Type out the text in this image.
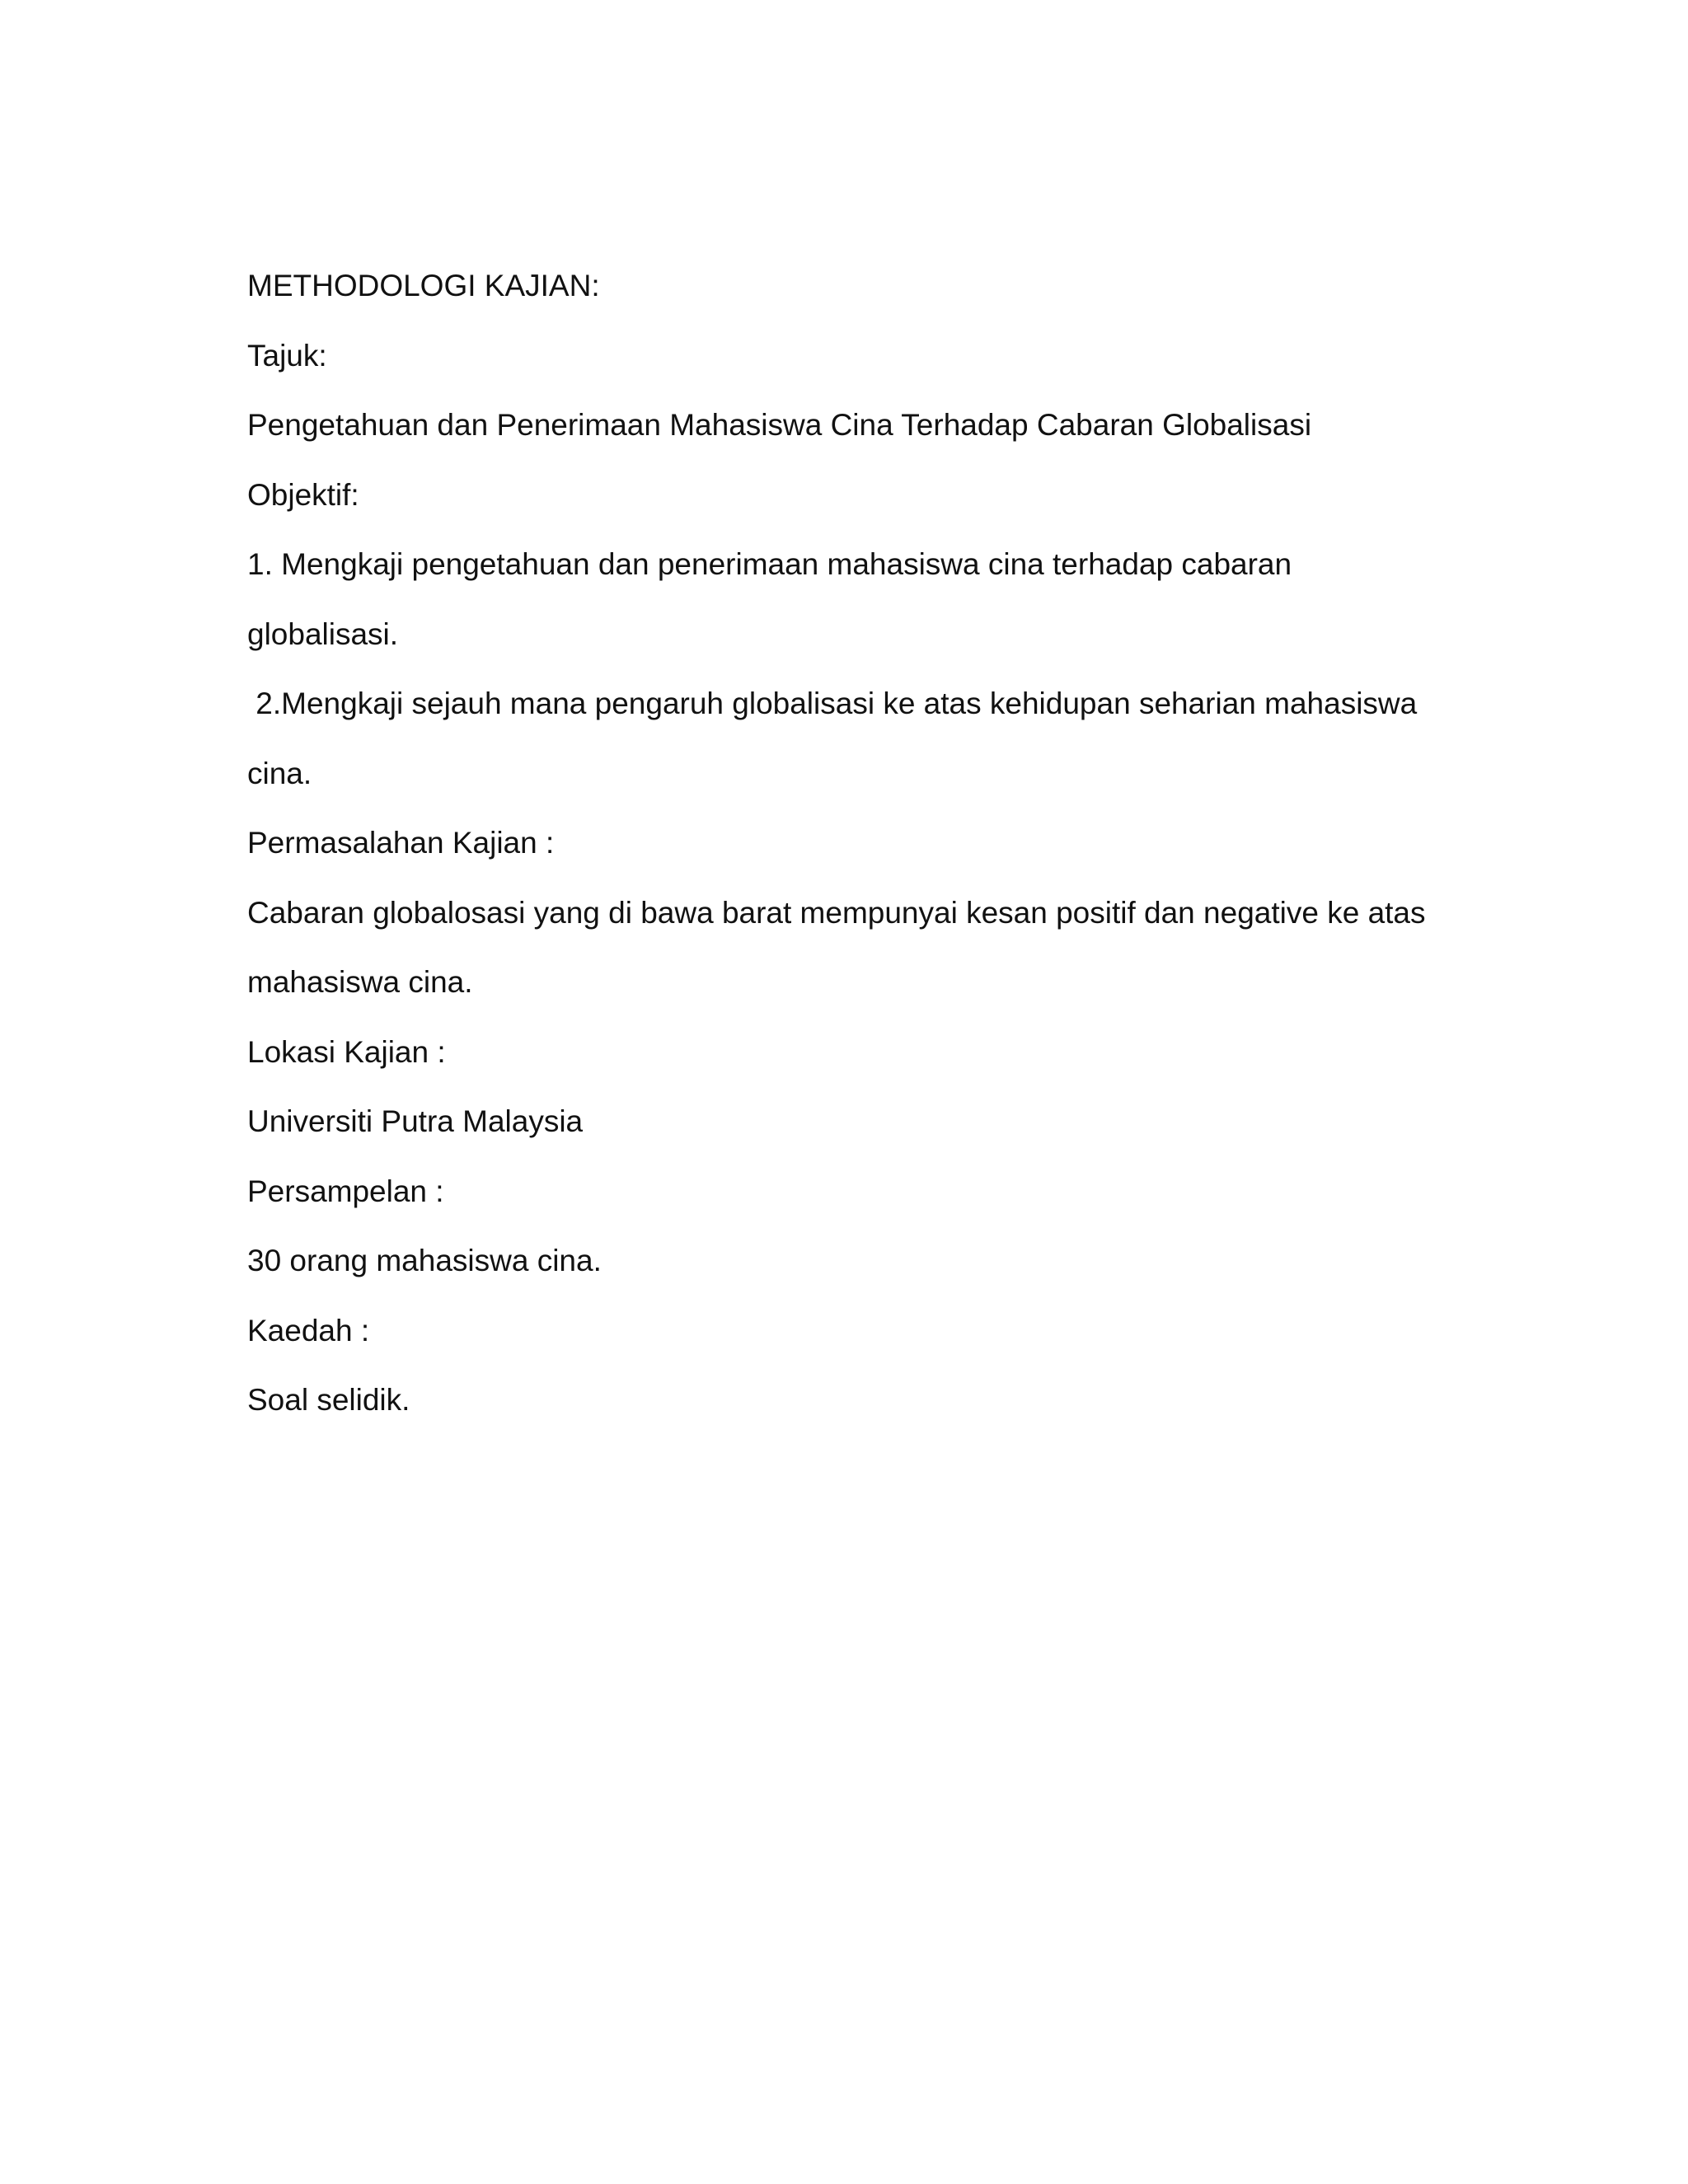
METHODOLOGI KAJIAN:
Tajuk:
Pengetahuan dan Penerimaan Mahasiswa Cina Terhadap Cabaran Globalisasi
Objektif:
1. Mengkaji pengetahuan dan penerimaan mahasiswa cina terhadap cabaran
globalisasi.
2.Mengkaji sejauh mana pengaruh globalisasi ke atas kehidupan seharian mahasiswa
cina.
Permasalahan Kajian :
Cabaran globalosasi yang di bawa barat mempunyai kesan positif dan negative ke atas
mahasiswa cina.
Lokasi Kajian :
Universiti Putra Malaysia
Persampelan :
30 orang mahasiswa cina.
Kaedah :
Soal selidik.
